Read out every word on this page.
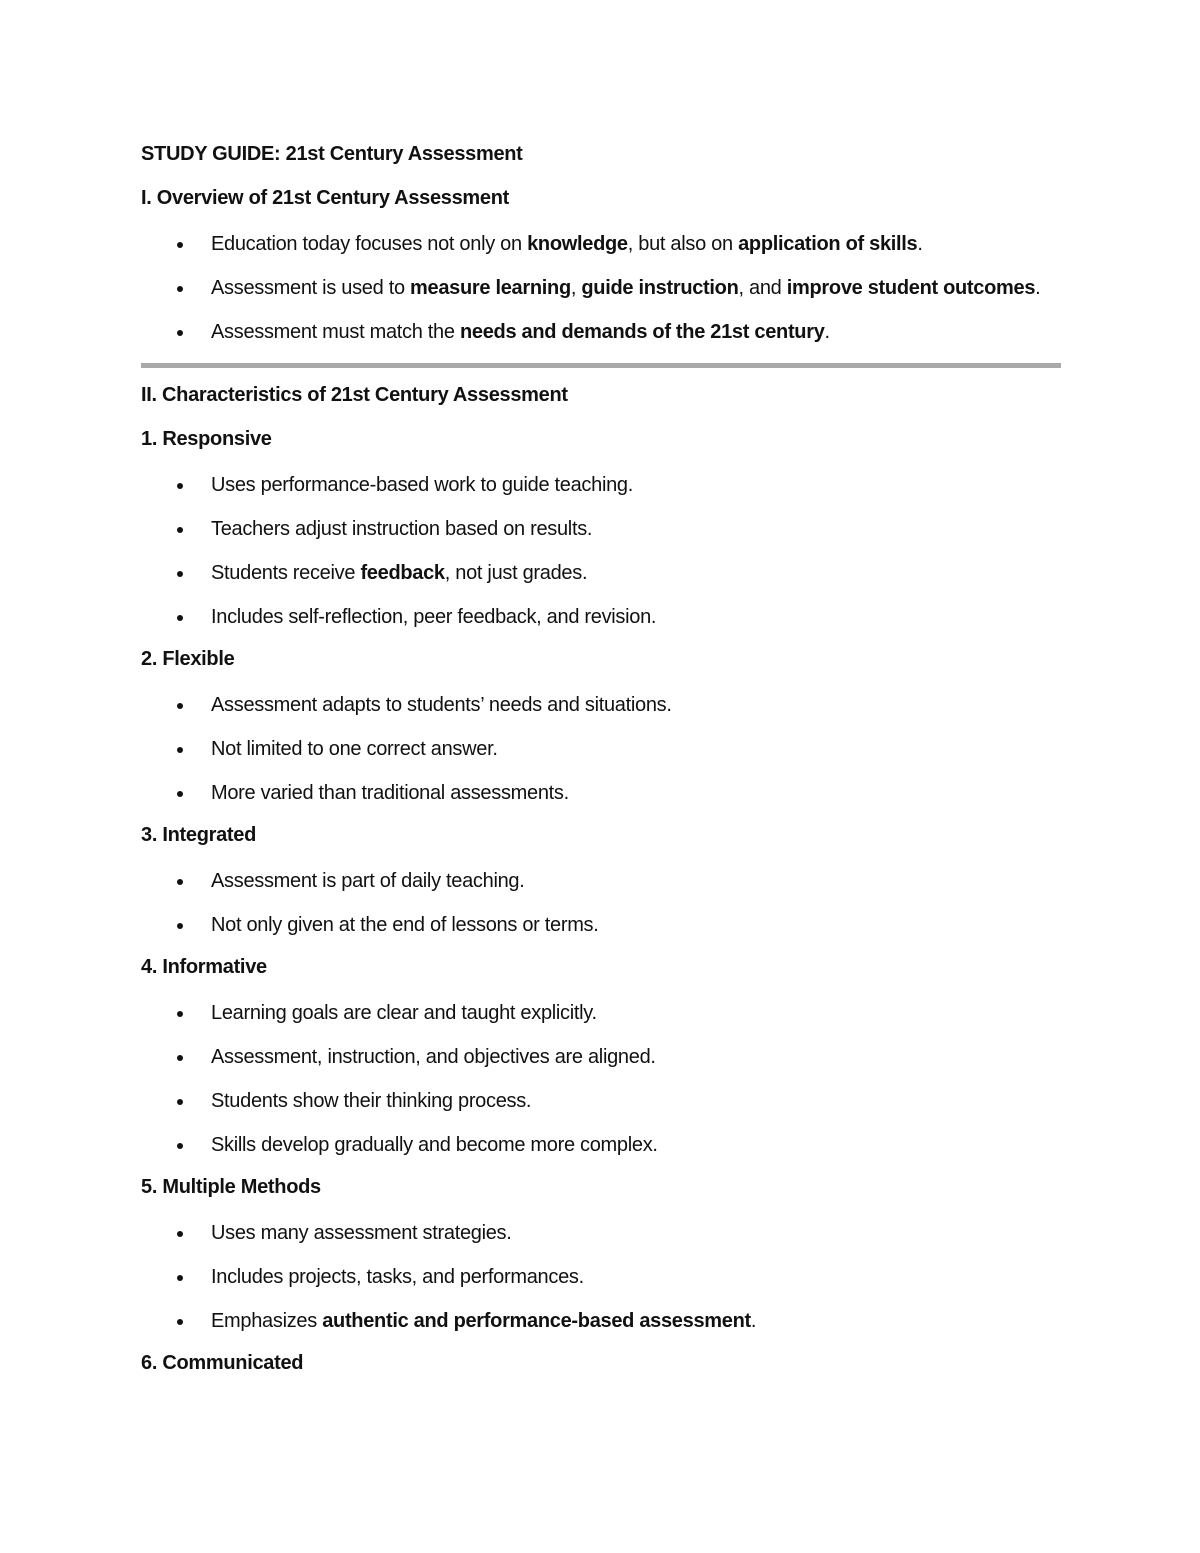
STUDY GUIDE: 21st Century Assessment

I. Overview of 21st Century Assessment

Education today focuses not only on knowledge, but also on application of skills.
Assessment is used to measure learning, guide instruction, and improve student outcomes.
Assessment must match the needs and demands of the 21st century.

II. Characteristics of 21st Century Assessment

1. Responsive

Uses performance-based work to guide teaching.
Teachers adjust instruction based on results.
Students receive feedback, not just grades.
Includes self-reflection, peer feedback, and revision.

2. Flexible

Assessment adapts to students’ needs and situations.
Not limited to one correct answer.
More varied than traditional assessments.

3. Integrated

Assessment is part of daily teaching.
Not only given at the end of lessons or terms.

4. Informative

Learning goals are clear and taught explicitly.
Assessment, instruction, and objectives are aligned.
Students show their thinking process.
Skills develop gradually and become more complex.

5. Multiple Methods

Uses many assessment strategies.
Includes projects, tasks, and performances.
Emphasizes authentic and performance-based assessment.

6. Communicated
